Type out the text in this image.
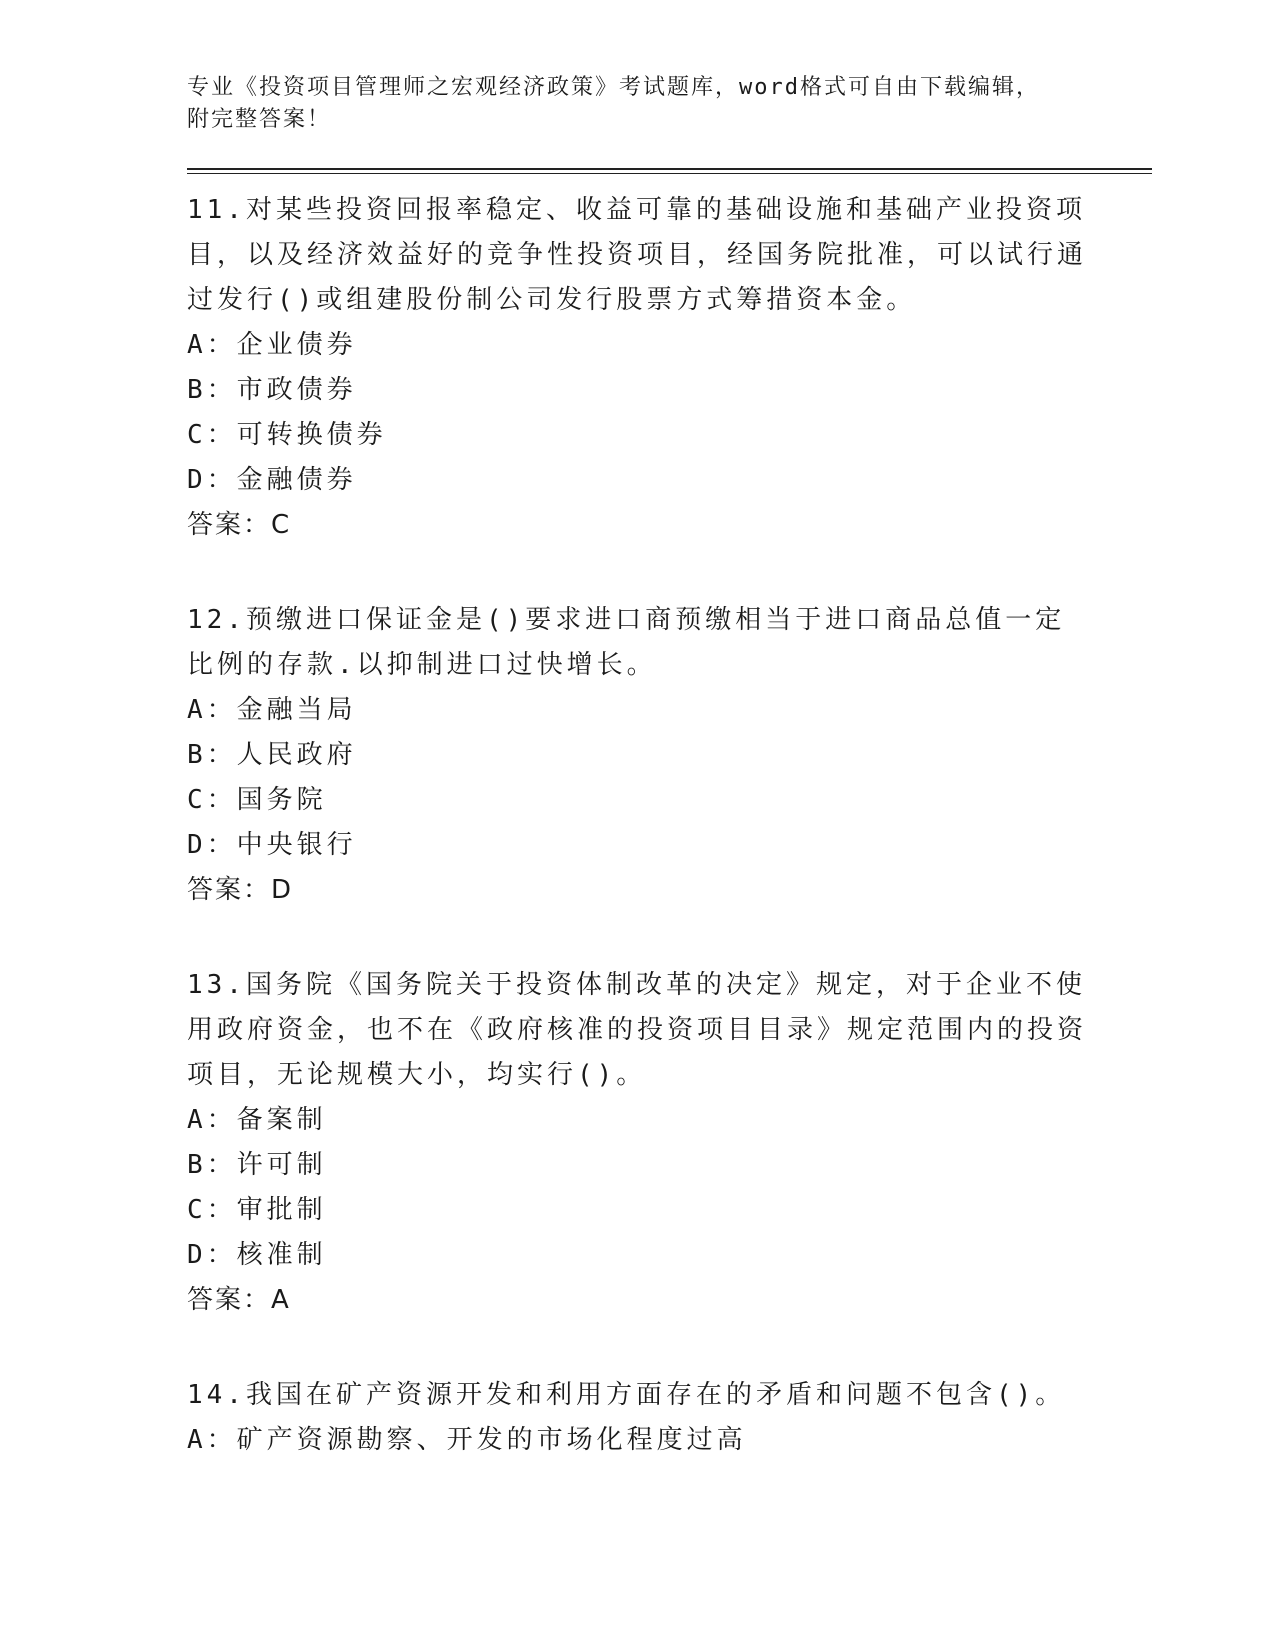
专业《投资项目管理师之宏观经济政策》考试题库，word格式可自由下载编辑，
附完整答案！

11.对某些投资回报率稳定、收益可靠的基础设施和基础产业投资项目，以及经济效益好的竞争性投资项目，经国务院批准，可以试行通过发行()或组建股份制公司发行股票方式筹措资本金。

A：企业债券

B：市政债券

C：可转换债券

D：金融债券

答案：C

12.预缴进口保证金是()要求进口商预缴相当于进口商品总值一定比例的存款.以抑制进口过快增长。

A：金融当局

B：人民政府

C：国务院

D：中央银行

答案：D

13.国务院《国务院关于投资体制改革的决定》规定，对于企业不使用政府资金，也不在《政府核准的投资项目目录》规定范围内的投资项目，无论规模大小，均实行()。

A：备案制

B：许可制

C：审批制

D：核准制

答案：A

14.我国在矿产资源开发和利用方面存在的矛盾和问题不包含()。

A：矿产资源勘察、开发的市场化程度过高
